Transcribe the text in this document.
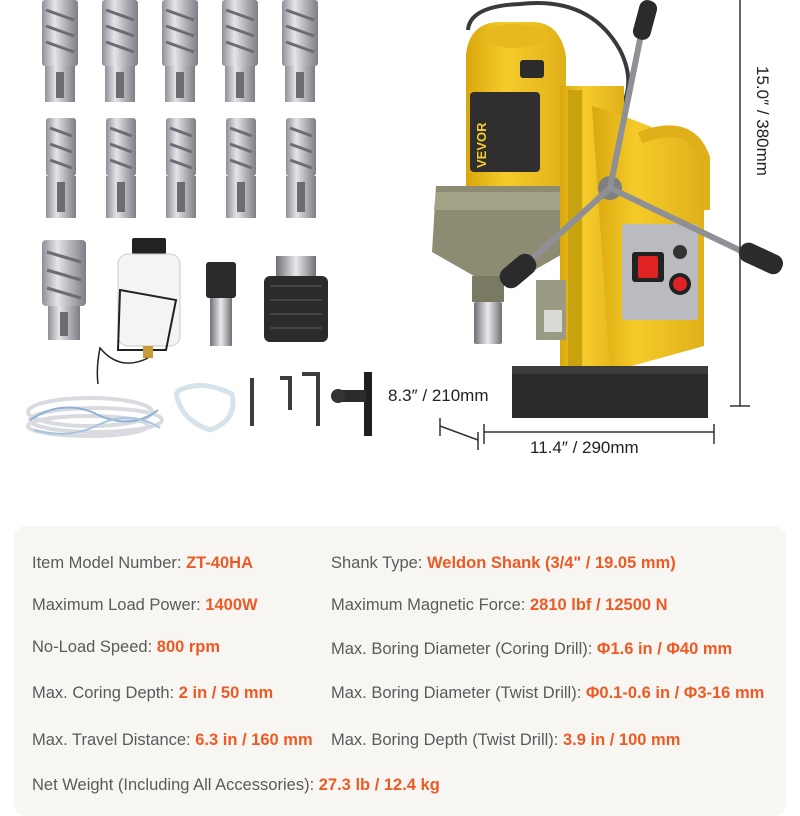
VEVOR	15.0″ / 380mm
8.3″ / 210mm
11.4″ / 290mm
Item Model Number: ZT-40HA	Shank Type: Weldon Shank (3/4" / 19.05 mm)
Maximum Load Power: 1400W	Maximum Magnetic Force: 2810 lbf / 12500 N
No-Load Speed: 800 rpm	Max. Boring Diameter (Coring Drill): Φ1.6 in / Φ40 mm
Max. Coring Depth: 2 in / 50 mm	Max. Boring Diameter (Twist Drill): Φ0.1-0.6 in / Φ3-16 mm
Max. Travel Distance: 6.3 in / 160 mm Max. Boring Depth (Twist Drill): 3.9 in / 100 mm
Net Weight (Including All Accessories): 27.3 lb / 12.4 kg
